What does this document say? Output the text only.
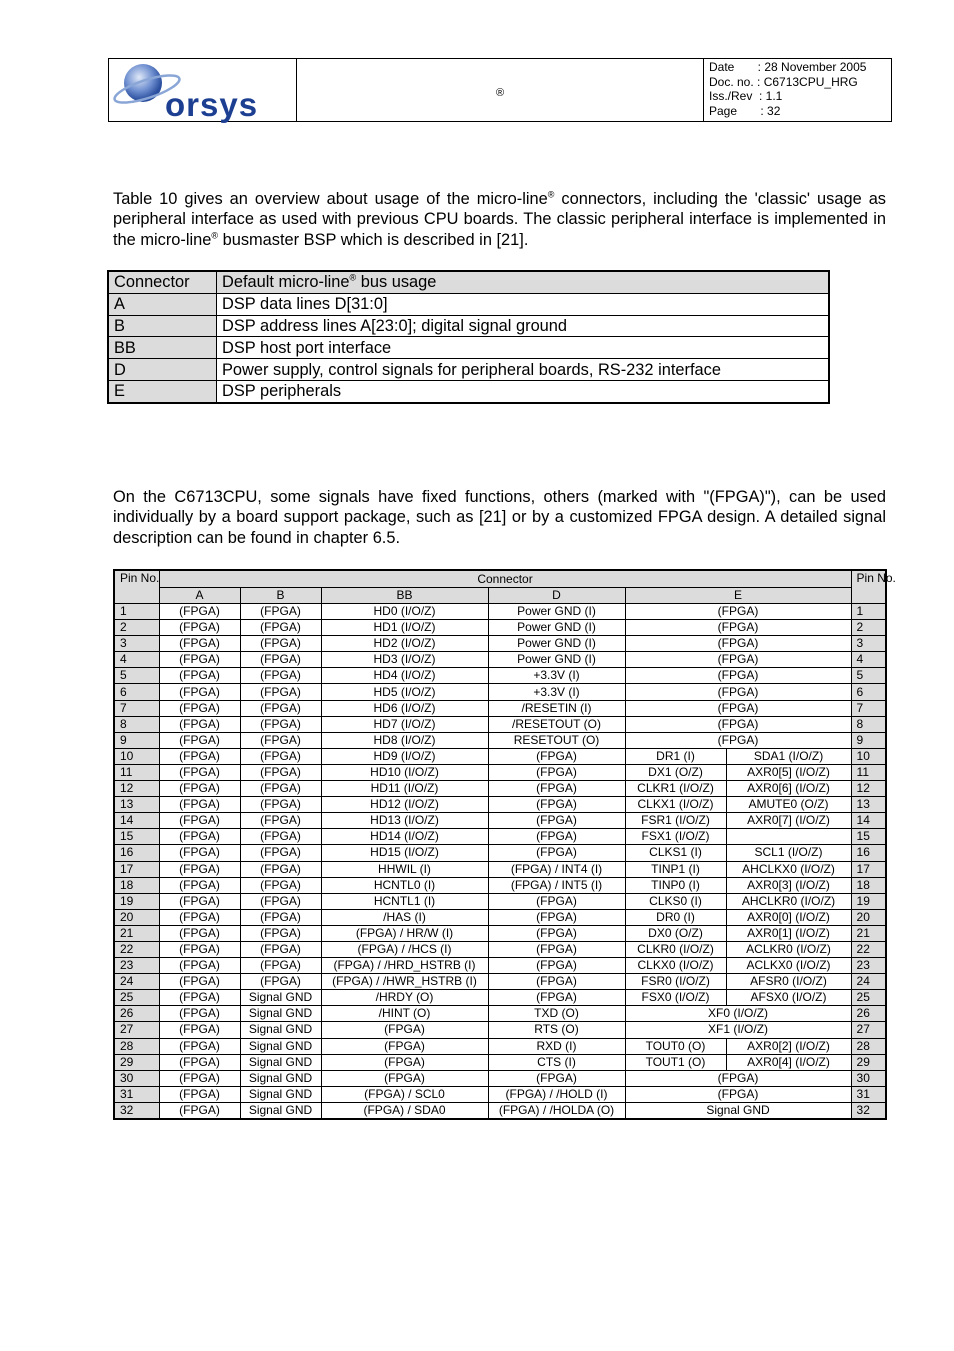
orsys	®
Date       : 28 November 2005
Doc. no. : C6713CPU_HRG
Iss./Rev  : 1.1
Page       : 32
Table 10 gives an overview about usage of the micro-line® connectors, including the 'classic' usage as peripheral interface as used with previous CPU boards. The classic peripheral interface is implemented in the micro-line® busmaster BSP which is described in [21].
Connector	Default micro-line® bus usage
A	DSP data lines D[31:0]
B	DSP address lines A[23:0]; digital signal ground
BB	DSP host port interface
D	Power supply, control signals for peripheral boards, RS-232 interface
E	DSP peripherals
On the C6713CPU, some signals have fixed functions, others (marked with "(FPGA)"), can be used individually by a board support package, such as [21] or by a customized FPGA design. A detailed signal description can be found in chapter 6.5.
Pin No.	Connector						Pin No.
	A	B	BB	D	E		
1	(FPGA)	(FPGA)	HD0 (I/O/Z)	Power GND (I)	(FPGA)		1
2	(FPGA)	(FPGA)	HD1 (I/O/Z)	Power GND (I)	(FPGA)		2
3	(FPGA)	(FPGA)	HD2 (I/O/Z)	Power GND (I)	(FPGA)		3
4	(FPGA)	(FPGA)	HD3 (I/O/Z)	Power GND (I)	(FPGA)		4
5	(FPGA)	(FPGA)	HD4 (I/O/Z)	+3.3V (I)	(FPGA)		5
6	(FPGA)	(FPGA)	HD5 (I/O/Z)	+3.3V (I)	(FPGA)		6
7	(FPGA)	(FPGA)	HD6 (I/O/Z)	/RESETIN (I)	(FPGA)		7
8	(FPGA)	(FPGA)	HD7 (I/O/Z)	/RESETOUT (O)	(FPGA)		8
9	(FPGA)	(FPGA)	HD8 (I/O/Z)	RESETOUT (O)	(FPGA)		9
10	(FPGA)	(FPGA)	HD9 (I/O/Z)	(FPGA)	DR1 (I)	SDA1 (I/O/Z)	10
11	(FPGA)	(FPGA)	HD10 (I/O/Z)	(FPGA)	DX1 (O/Z)	AXR0[5] (I/O/Z)	11
12	(FPGA)	(FPGA)	HD11 (I/O/Z)	(FPGA)	CLKR1 (I/O/Z)	AXR0[6] (I/O/Z)	12
13	(FPGA)	(FPGA)	HD12 (I/O/Z)	(FPGA)	CLKX1 (I/O/Z)	AMUTE0 (O/Z)	13
14	(FPGA)	(FPGA)	HD13 (I/O/Z)	(FPGA)	FSR1 (I/O/Z)	AXR0[7] (I/O/Z)	14
15	(FPGA)	(FPGA)	HD14 (I/O/Z)	(FPGA)	FSX1 (I/O/Z)		15
16	(FPGA)	(FPGA)	HD15 (I/O/Z)	(FPGA)	CLKS1 (I)	SCL1 (I/O/Z)	16
17	(FPGA)	(FPGA)	HHWIL (I)	(FPGA) / INT4 (I)	TINP1 (I)	AHCLKX0 (I/O/Z)	17
18	(FPGA)	(FPGA)	HCNTL0 (I)	(FPGA) / INT5 (I)	TINP0 (I)	AXR0[3] (I/O/Z)	18
19	(FPGA)	(FPGA)	HCNTL1 (I)	(FPGA)	CLKS0 (I)	AHCLKR0 (I/O/Z)	19
20	(FPGA)	(FPGA)	/HAS (I)	(FPGA)	DR0 (I)	AXR0[0] (I/O/Z)	20
21	(FPGA)	(FPGA)	(FPGA) / HR/W (I)	(FPGA)	DX0 (O/Z)	AXR0[1] (I/O/Z)	21
22	(FPGA)	(FPGA)	(FPGA) / /HCS (I)	(FPGA)	CLKR0 (I/O/Z)	ACLKR0 (I/O/Z)	22
23	(FPGA)	(FPGA)	(FPGA) / /HRD_HSTRB (I)	(FPGA)	CLKX0 (I/O/Z)	ACLKX0 (I/O/Z)	23
24	(FPGA)	(FPGA)	(FPGA) / /HWR_HSTRB (I)	(FPGA)	FSR0 (I/O/Z)	AFSR0 (I/O/Z)	24
25	(FPGA)	Signal GND	/HRDY (O)	(FPGA)	FSX0 (I/O/Z)	AFSX0 (I/O/Z)	25
26	(FPGA)	Signal GND	/HINT (O)	TXD (O)	XF0 (I/O/Z)		26
27	(FPGA)	Signal GND	(FPGA)	RTS (O)	XF1 (I/O/Z)		27
28	(FPGA)	Signal GND	(FPGA)	RXD (I)	TOUT0 (O)	AXR0[2] (I/O/Z)	28
29	(FPGA)	Signal GND	(FPGA)	CTS (I)	TOUT1 (O)	AXR0[4] (I/O/Z)	29
30	(FPGA)	Signal GND	(FPGA)	(FPGA)	(FPGA)		30
31	(FPGA)	Signal GND	(FPGA) / SCL0	(FPGA) / /HOLD (I)	(FPGA)		31
32	(FPGA)	Signal GND	(FPGA) / SDA0	(FPGA) / /HOLDA (O)	Signal GND		32
